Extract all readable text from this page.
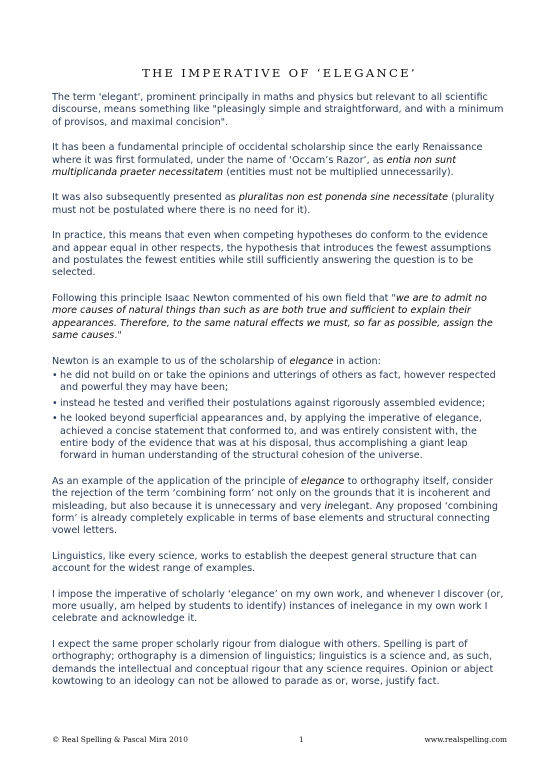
THE IMPERATIVE OF ‘ELEGANCE’

The term 'elegant', prominent principally in maths and physics but relevant to all scientific discourse, means something like "pleasingly simple and straightforward, and with a minimum of provisos, and maximal concision".

It has been a fundamental principle of occidental scholarship since the early Renaissance where it was first formulated, under the name of ‘Occam’s Razor’, as entia non sunt multiplicanda praeter necessitatem (entities must not be multiplied unnecessarily).

It was also subsequently presented as pluralitas non est ponenda sine necessitate (plurality must not be postulated where there is no need for it).

In practice, this means that even when competing hypotheses do conform to the evidence and appear equal in other respects, the hypothesis that introduces the fewest assumptions and postulates the fewest entities while still sufficiently answering the question is to be selected.

Following this principle Isaac Newton commented of his own field that "we are to admit no more causes of natural things than such as are both true and sufficient to explain their appearances. Therefore, to the same natural effects we must, so far as possible, assign the same causes."

Newton is an example to us of the scholarship of elegance in action:

• he did not build on or take the opinions and utterings of others as fact, however respected and powerful they may have been;
• instead he tested and verified their postulations against rigorously assembled evidence;
• he looked beyond superficial appearances and, by applying the imperative of elegance, achieved a concise statement that conformed to, and was entirely consistent with, the entire body of the evidence that was at his disposal, thus accomplishing a giant leap forward in human understanding of the structural cohesion of the universe.

As an example of the application of the principle of elegance to orthography itself, consider the rejection of the term ‘combining form’ not only on the grounds that it is incoherent and misleading, but also because it is unnecessary and very inelegant. Any proposed ‘combining form’ is already completely explicable in terms of base elements and structural connecting vowel letters.

Linguistics, like every science, works to establish the deepest general structure that can account for the widest range of examples.

I impose the imperative of scholarly ‘elegance’ on my own work, and whenever I discover (or, more usually, am helped by students to identify) instances of inelegance in my own work I celebrate and acknowledge it.

I expect the same proper scholarly rigour from dialogue with others. Spelling is part of orthography; orthography is a dimension of linguistics; linguistics is a science and, as such, demands the intellectual and conceptual rigour that any science requires. Opinion or abject kowtowing to an ideology can not be allowed to parade as or, worse, justify fact.

© Real Spelling & Pascal Mira 2010	1	www.realspelling.com
